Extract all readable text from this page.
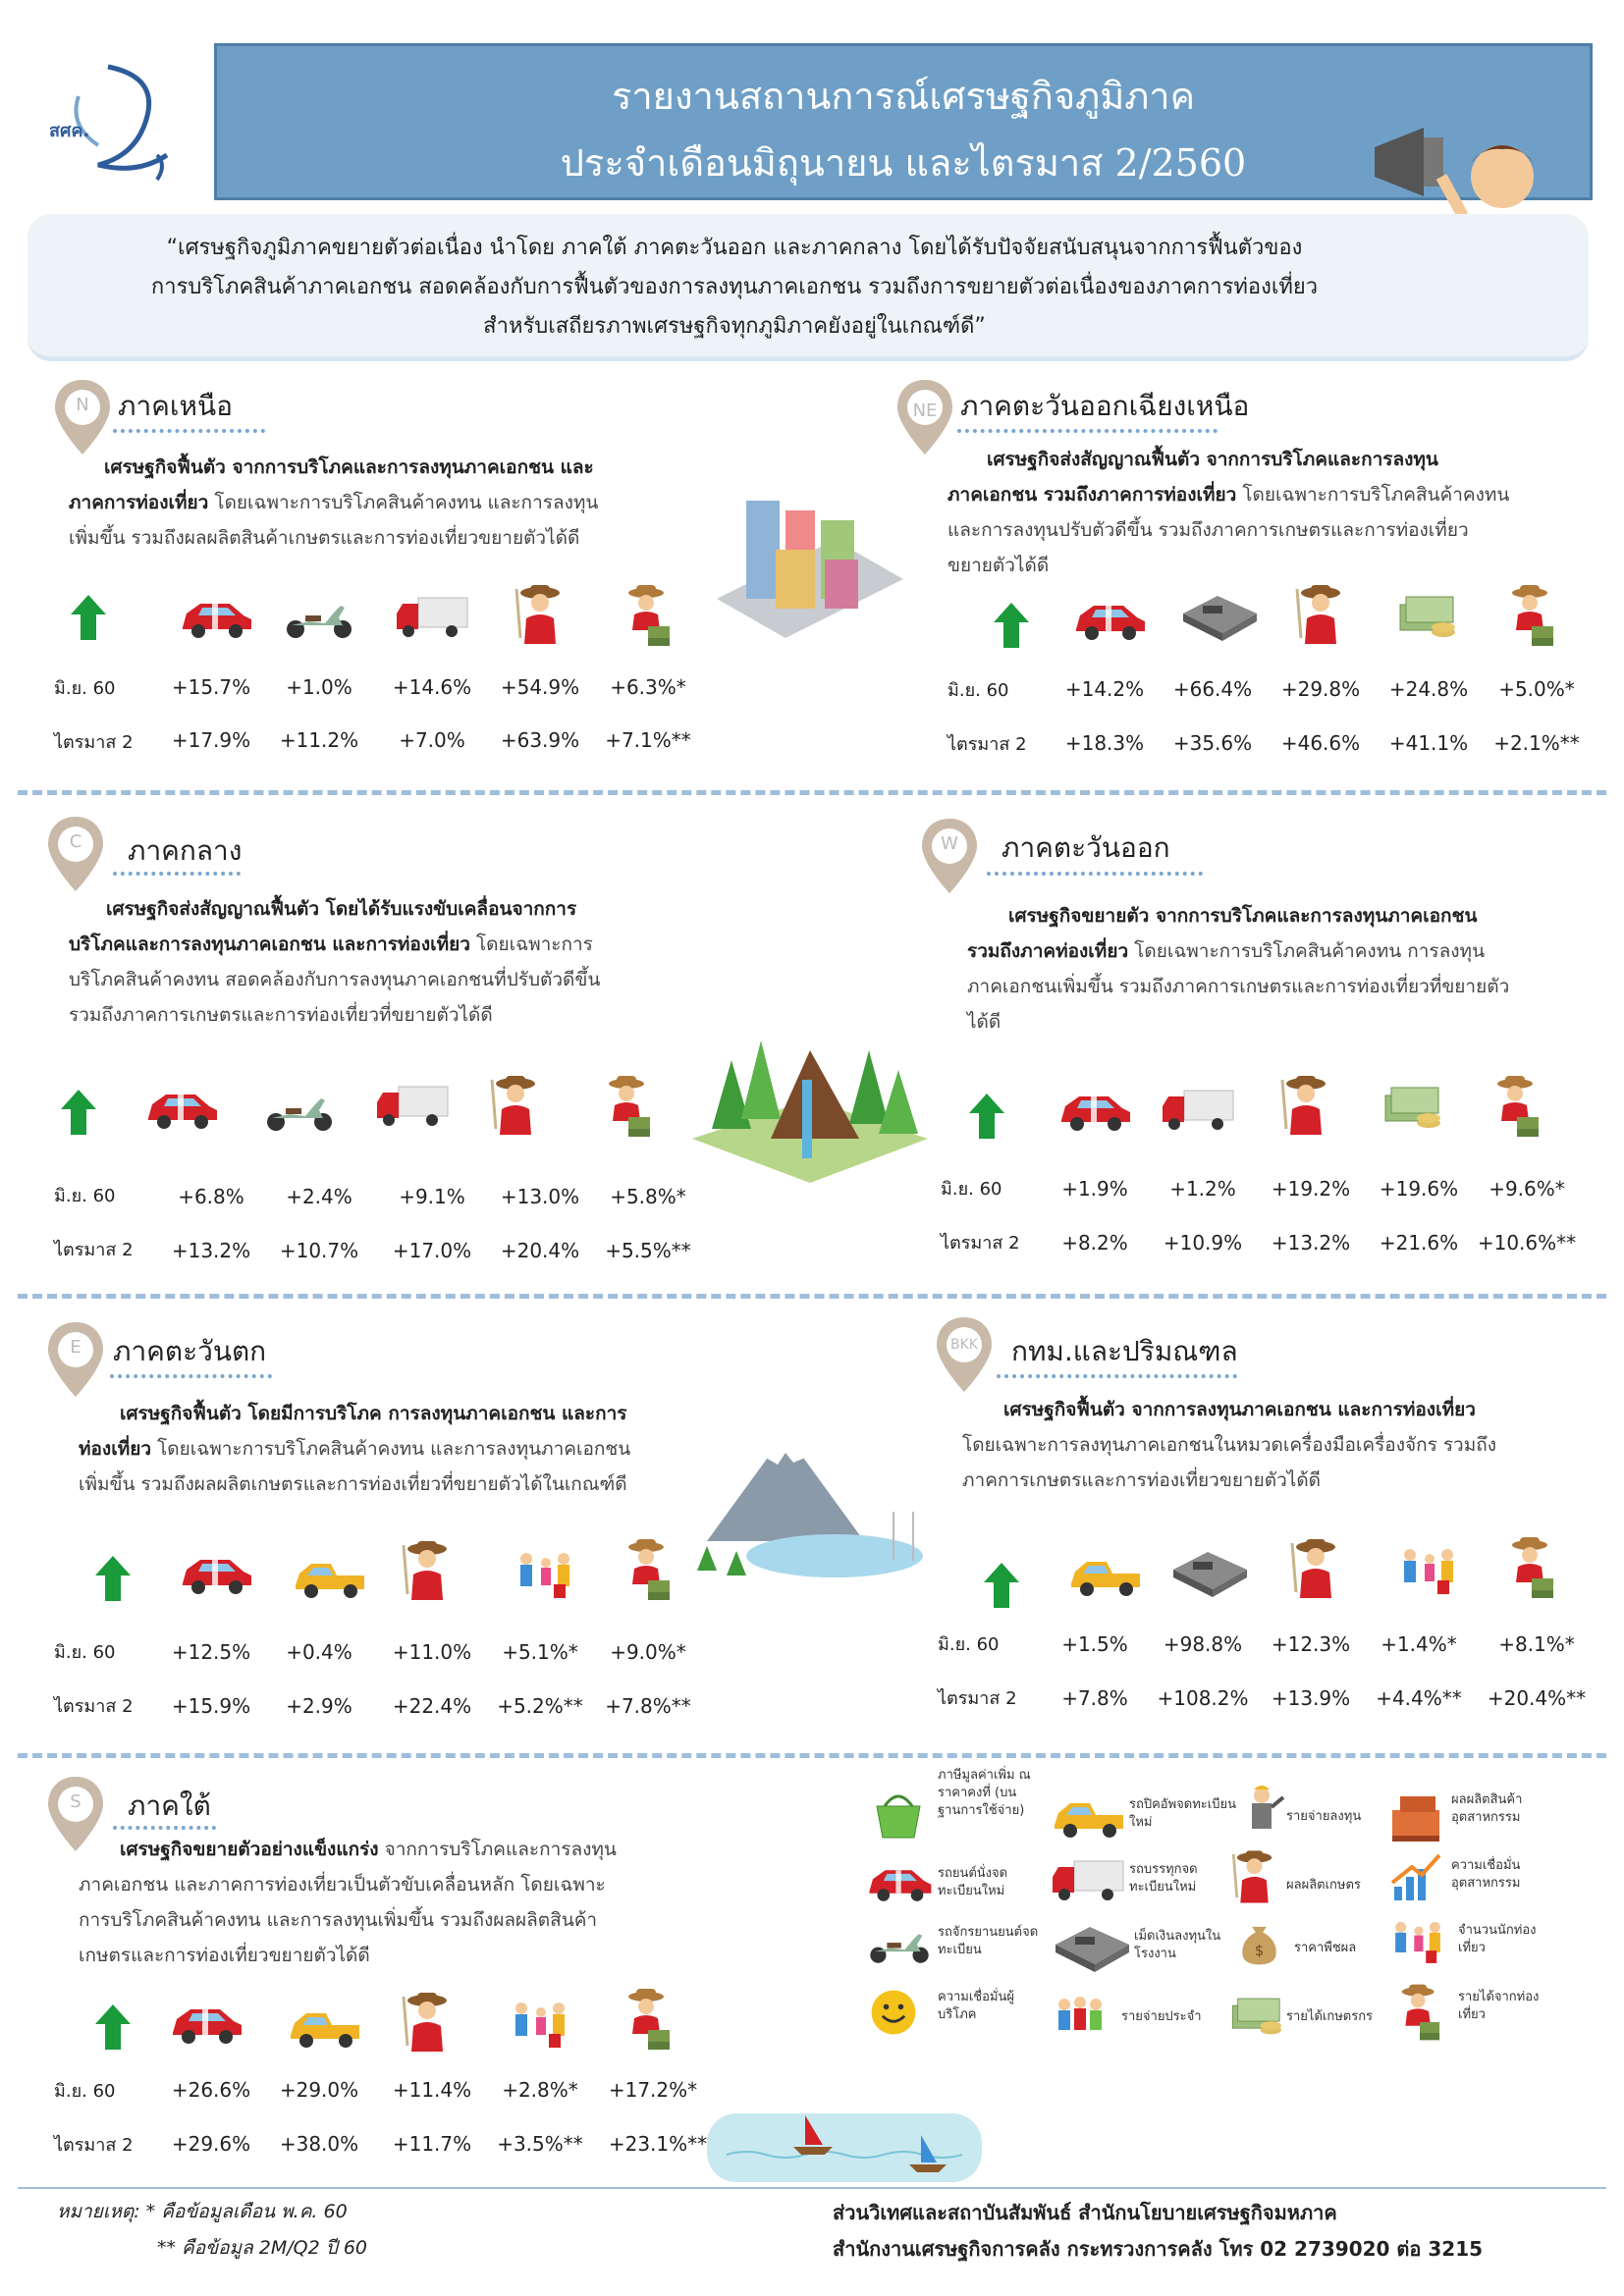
สศค.
รายงานสถานการณ์เศรษฐกิจภูมิภาค
ประจำเดือนมิถุนายน และไตรมาส 2/2560
“เศรษฐกิจภูมิภาคขยายตัวต่อเนื่อง นำโดย ภาคใต้ ภาคตะวันออก และภาคกลาง โดยได้รับปัจจัยสนับสนุนจากการฟื้นตัวของ
การบริโภคสินค้าภาคเอกชน สอดคล้องกับการฟื้นตัวของการลงทุนภาคเอกชน รวมถึงการขยายตัวต่อเนื่องของภาคการท่องเที่ยว
สำหรับเสถียรภาพเศรษฐกิจทุกภูมิภาคยังอยู่ในเกณฑ์ดี”
N	ภาคเหนือ
เศรษฐกิจฟื้นตัว จากการบริโภคและการลงทุนภาคเอกชน และ
ภาคการท่องเที่ยว โดยเฉพาะการบริโภคสินค้าคงทน และการลงทุน
เพิ่มขึ้น รวมถึงผลผลิตสินค้าเกษตรและการท่องเที่ยวขยายตัวได้ดี
มิ.ย. 60
ไตรมาส 2
+15.7%	+1.0%	+14.6%	+54.9%	+6.3%*
+17.9%	+11.2%	+7.0%	+63.9%	+7.1%**
NE ภาคตะวันออกเฉียงเหนือ
เศรษฐกิจส่งสัญญาณฟื้นตัว จากการบริโภคและการลงทุน
ภาคเอกชน รวมถึงภาคการท่องเที่ยว โดยเฉพาะการบริโภคสินค้าคงทน
และการลงทุนปรับตัวดีขึ้น รวมถึงภาคการเกษตรและการท่องเที่ยว
ขยายตัวได้ดี
มิ.ย. 60
ไตรมาส 2
+14.2%	+66.4%	+29.8%	+24.8%	+5.0%*
+18.3%	+35.6%	+46.6%	+41.1%	+2.1%**
C	ภาคกลาง
เศรษฐกิจส่งสัญญาณฟื้นตัว โดยได้รับแรงขับเคลื่อนจากการ
บริโภคและการลงทุนภาคเอกชน และการท่องเที่ยว โดยเฉพาะการ
บริโภคสินค้าคงทน สอดคล้องกับการลงทุนภาคเอกชนที่ปรับตัวดีขึ้น
รวมถึงภาคการเกษตรและการท่องเที่ยวที่ขยายตัวได้ดี
มิ.ย. 60
ไตรมาส 2
+6.8%	+2.4%	+9.1%	+13.0%	+5.8%*
+13.2%	+10.7%	+17.0%	+20.4%	+5.5%**
W	ภาคตะวันออก
เศรษฐกิจขยายตัว จากการบริโภคและการลงทุนภาคเอกชน
รวมถึงภาคท่องเที่ยว โดยเฉพาะการบริโภคสินค้าคงทน การลงทุน
ภาคเอกชนเพิ่มขึ้น รวมถึงภาคการเกษตรและการท่องเที่ยวที่ขยายตัว
ได้ดี
มิ.ย. 60
ไตรมาส 2
+1.9%	+1.2%	+19.2%	+19.6%	+9.6%*
+8.2%	+10.9%	+13.2%	+21.6% +10.6%**
E	ภาคตะวันตก
เศรษฐกิจฟื้นตัว โดยมีการบริโภค การลงทุนภาคเอกชน และการ
ท่องเที่ยว โดยเฉพาะการบริโภคสินค้าคงทน และการลงทุนภาคเอกชน
เพิ่มขึ้น รวมถึงผลผลิตเกษตรและการท่องเที่ยวที่ขยายตัวได้ในเกณฑ์ดี
มิ.ย. 60
ไตรมาส 2
+12.5%	+0.4%	+11.0%	+5.1%*	+9.0%*
+15.9%	+2.9%	+22.4%	+5.2%**	+7.8%**
BKK	กทม.และปริมณฑล
เศรษฐกิจฟื้นตัว จากการลงทุนภาคเอกชน และการท่องเที่ยว
โดยเฉพาะการลงทุนภาคเอกชนในหมวดเครื่องมือเครื่องจักร รวมถึง
ภาคการเกษตรและการท่องเที่ยวขยายตัวได้ดี
มิ.ย. 60
ไตรมาส 2
+1.5%	+98.8%	+12.3%	+1.4%*	+8.1%*
+7.8%	+108.2%	+13.9%	+4.4%**	+20.4%**
S	ภาคใต้
เศรษฐกิจขยายตัวอย่างแข็งแกร่ง จากการบริโภคและการลงทุน
ภาคเอกชน และภาคการท่องเที่ยวเป็นตัวขับเคลื่อนหลัก โดยเฉพาะ
การบริโภคสินค้าคงทน และการลงทุนเพิ่มขึ้น รวมถึงผลผลิตสินค้า
เกษตรและการท่องเที่ยวขยายตัวได้ดี
มิ.ย. 60
ไตรมาส 2
+26.6%	+29.0%	+11.4%	+2.8%*	+17.2%*
+29.6%	+38.0%	+11.7%	+3.5%**	+23.1%**
ภาษีมูลค่าเพิ่ม ณ ราคาคงที่ (บนฐานการใช้จ่าย)	รถปิคอัพจดทะเบียนใหม่	รายจ่ายลงทุน
ผลผลิตสินค้าอุตสาหกรรม
รถยนต์นั่งจดทะเบียนใหม่
รถบรรทุกจดทะเบียนใหม่	ผลผลิตเกษตร
ความเชื่อมั่นอุตสาหกรรม
รถจักรยานยนต์จดทะเบียน
เม็ดเงินลงทุนในโรงงาน	ราคาพืชผล
จำนวนนักท่องเที่ยว
ความเชื่อมั่นผู้บริโภค	รายจ่ายประจำ	รายได้เกษตรกร
รายได้จากท่องเที่ยว
หมายเหตุ: * คือข้อมูลเดือน พ.ค. 60
** คือข้อมูล 2M/Q2 ปี 60
ส่วนวิเทศและสถาบันสัมพันธ์ สำนักนโยบายเศรษฐกิจมหภาค
สำนักงานเศรษฐกิจการคลัง กระทรวงการคลัง โทร 02 2739020 ต่อ 3215
